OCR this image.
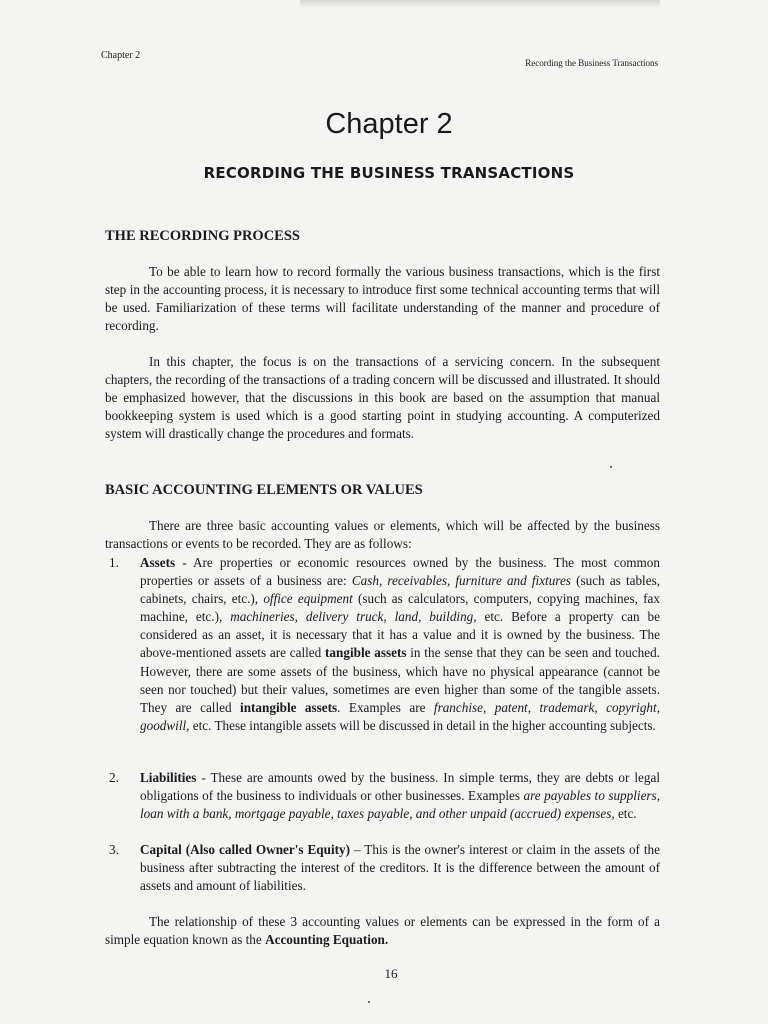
Chapter 2
Recording the Business Transactions
Chapter 2
RECORDING THE BUSINESS TRANSACTIONS
THE RECORDING PROCESS

To be able to learn how to record formally the various business transactions, which is the first step in the accounting process, it is necessary to introduce first some technical accounting terms that will be used. Familiarization of these terms will facilitate understanding of the manner and procedure of recording.

In this chapter, the focus is on the transactions of a servicing concern. In the subsequent chapters, the recording of the transactions of a trading concern will be discussed and illustrated. It should be emphasized however, that the discussions in this book are based on the assumption that manual bookkeeping system is used which is a good starting point in studying accounting. A computerized system will drastically change the procedures and formats.

BASIC ACCOUNTING ELEMENTS OR VALUES

There are three basic accounting values or elements, which will be affected by the business transactions or events to be recorded. They are as follows:

1. Assets - Are properties or economic resources owned by the business. The most common properties or assets of a business are: Cash, receivables, furniture and fixtures (such as tables, cabinets, chairs, etc.), office equipment (such as calculators, computers, copying machines, fax machine, etc.), machineries, delivery truck, land, building, etc. Before a property can be considered as an asset, it is necessary that it has a value and it is owned by the business. The above-mentioned assets are called tangible assets in the sense that they can be seen and touched. However, there are some assets of the business, which have no physical appearance (cannot be seen nor touched) but their values, sometimes are even higher than some of the tangible assets. They are called intangible assets. Examples are franchise, patent, trademark, copyright, goodwill, etc. These intangible assets will be discussed in detail in the higher accounting subjects.
2. Liabilities - These are amounts owed by the business. In simple terms, they are debts or legal obligations of the business to individuals or other businesses. Examples are payables to suppliers, loan with a bank, mortgage payable, taxes payable, and other unpaid (accrued) expenses, etc.
3. Capital (Also called Owner's Equity) – This is the owner's interest or claim in the assets of the business after subtracting the interest of the creditors. It is the difference between the amount of assets and amount of liabilities.

The relationship of these 3 accounting values or elements can be expressed in the form of a simple equation known as the Accounting Equation.

16
